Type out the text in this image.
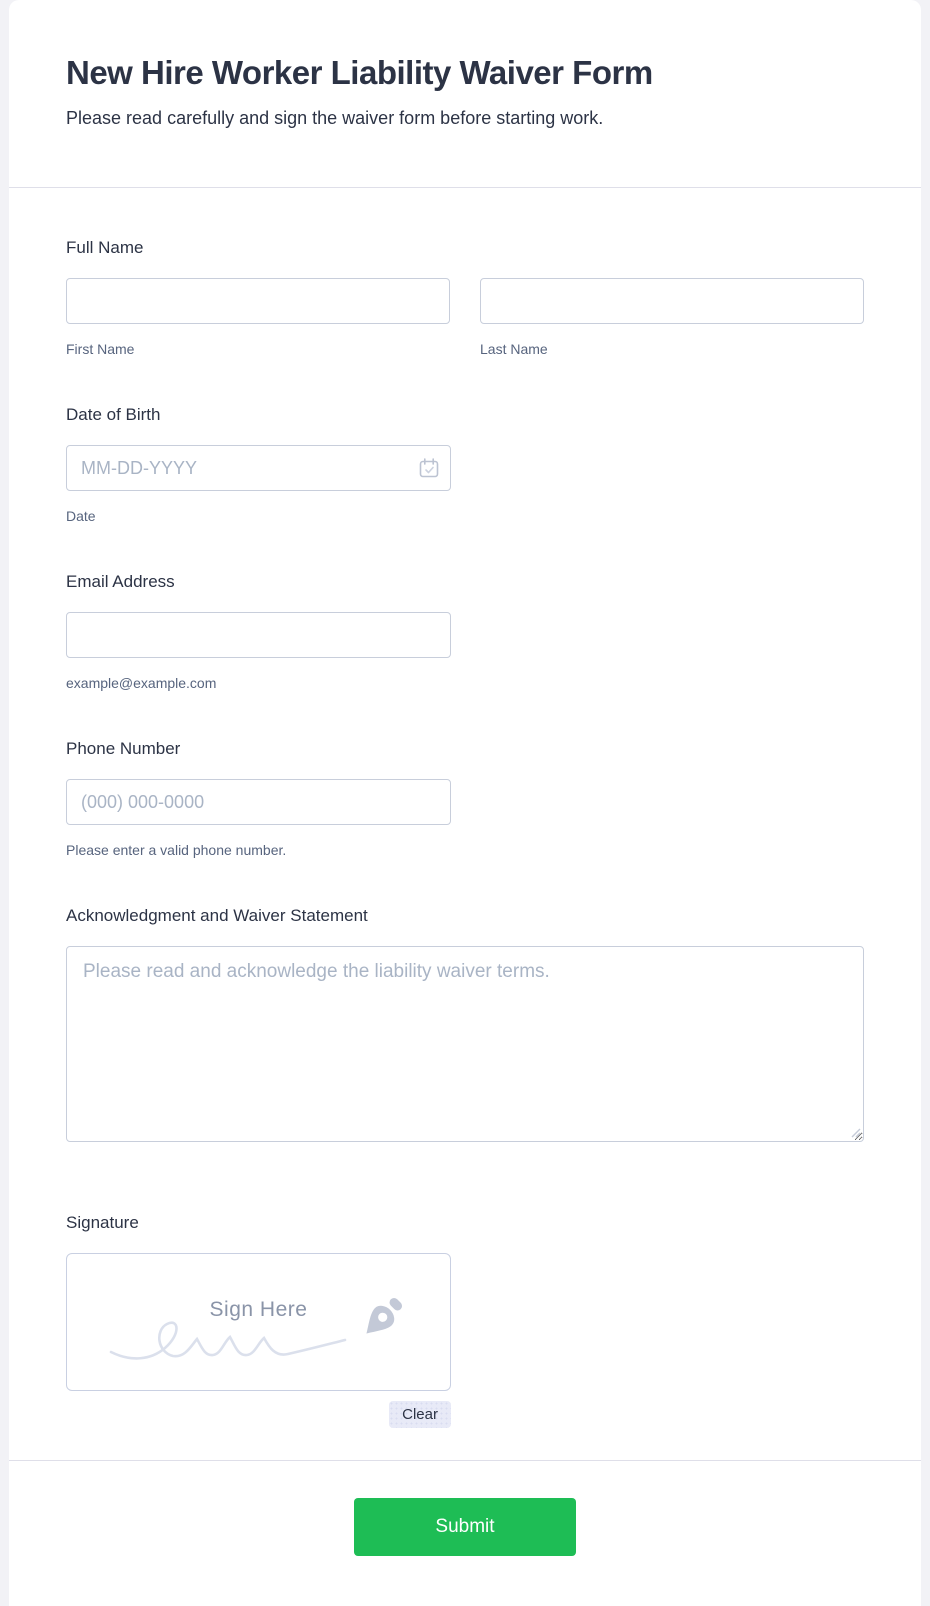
New Hire Worker Liability Waiver Form
Please read carefully and sign the waiver form before starting work.
Full Name
First Name	Last Name
Date of Birth
MM-DD-YYYY
Date
Email Address
example@example.com
Phone Number
(000) 000-0000
Please enter a valid phone number.
Acknowledgment and Waiver Statement
Please read and acknowledge the liability waiver terms.
Signature
Sign Here
Clear
Submit
